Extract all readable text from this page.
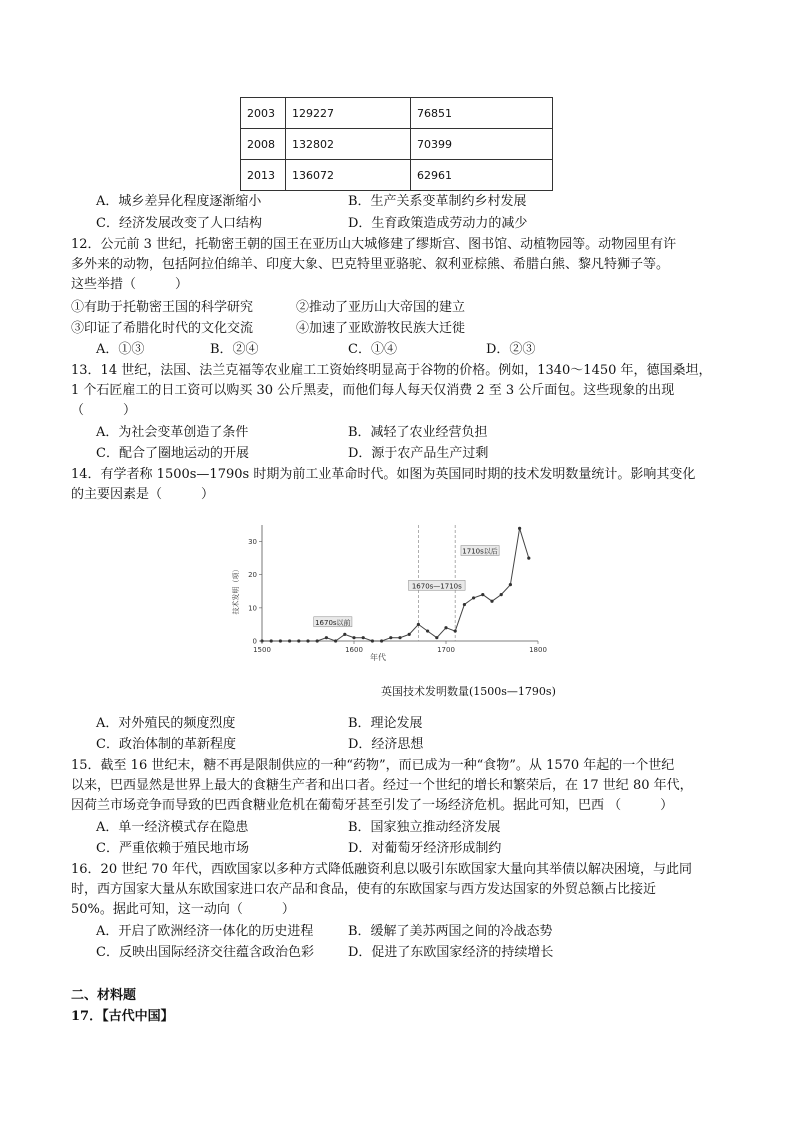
2003	129227	76851
2008	132802	70399
2013	136072	62961
A．城乡差异化程度逐渐缩小	B．生产关系变革制约乡村发展
C．经济发展改变了人口结构	D．生育政策造成劳动力的减少
12．公元前 3 世纪，托勒密王朝的国王在亚历山大城修建了缪斯宫、图书馆、动植物园等。动物园里有许
多外来的动物，包括阿拉伯绵羊、印度大象、巴克特里亚骆驼、叙利亚棕熊、希腊白熊、黎凡特狮子等。
这些举措（　　　）
①有助于托勒密王国的科学研究	②推动了亚历山大帝国的建立
③印证了希腊化时代的文化交流	④加速了亚欧游牧民族大迁徙
A．①③	B．②④	C．①④	D．②③
13．14 世纪，法国、法兰克福等农业雇工工资始终明显高于谷物的价格。例如，1340～1450 年，德国桑坦，
1 个石匠雇工的日工资可以购买 30 公斤黑麦，而他们每人每天仅消费 2 至 3 公斤面包。这些现象的出现
（　　　）
A．为社会变革创造了条件	B．减轻了农业经营负担
C．配合了圈地运动的开展	D．源于农产品生产过剩
14．有学者称 1500s—1790s 时期为前工业革命时代。如图为英国同时期的技术发明数量统计。影响其变化
的主要因素是（　　　）
1670s以前
1670s—1710s
1710s以后
1500	1600	1700	1800
0
10
20
30
年代
技术发明（项）
英国技术发明数量(1500s—1790s)
A．对外殖民的频度烈度	B．理论发展
C．政治体制的革新程度	D．经济思想
15．截至 16 世纪末，糖不再是限制供应的一种“药物”，而已成为一种“食物”。从 1570 年起的一个世纪
以来，巴西显然是世界上最大的食糖生产者和出口者。经过一个世纪的增长和繁荣后，在 17 世纪 80 年代，
因荷兰市场竞争而导致的巴西食糖业危机在葡萄牙甚至引发了一场经济危机。据此可知，巴西 （　　　）
A．单一经济模式存在隐患	B．国家独立推动经济发展
C．严重依赖于殖民地市场	D．对葡萄牙经济形成制约
16．20 世纪 70 年代，西欧国家以多种方式降低融资利息以吸引东欧国家大量向其举债以解决困境，与此同
时，西方国家大量从东欧国家进口农产品和食品，使有的东欧国家与西方发达国家的外贸总额占比接近
50%。据此可知，这一动向（　　　）
A．开启了欧洲经济一体化的历史进程	B．缓解了美苏两国之间的冷战态势
C．反映出国际经济交往蕴含政治色彩	D．促进了东欧国家经济的持续增长
二、材料题
17．【古代中国】
